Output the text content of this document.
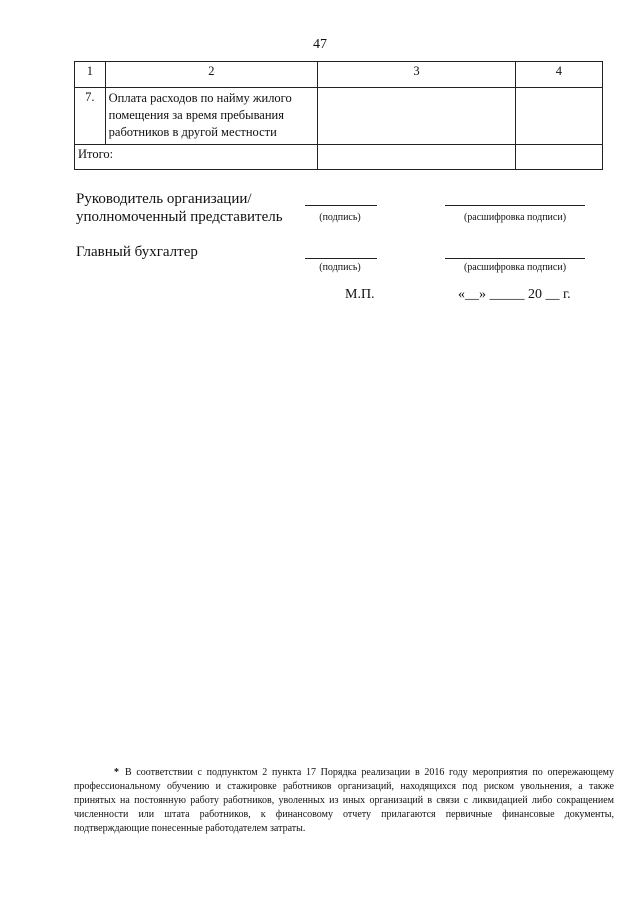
47
1	2	3	4
7.	Оплата расходов по найму жилого помещения за время пребывания работников в другой местности		
Итого:			
Руководитель организации/
уполномоченный представитель	(подпись)	(расшифровка подписи)
Главный бухгалтер
(подпись)	(расшифровка подписи)
М.П.	«__» _____ 20 __ г.
* В соответствии с подпунктом 2 пункта 17 Порядка реализации в 2016 году мероприятия по опережающему профессиональному обучению и стажировке работников организаций, находящихся под риском увольнения, а также принятых на постоянную работу работников, уволенных из иных организаций в связи с ликвидацией либо сокращением численности или штата работников, к финансовому отчету прилагаются первичные финансовые документы, подтверждающие понесенные работодателем затраты.
